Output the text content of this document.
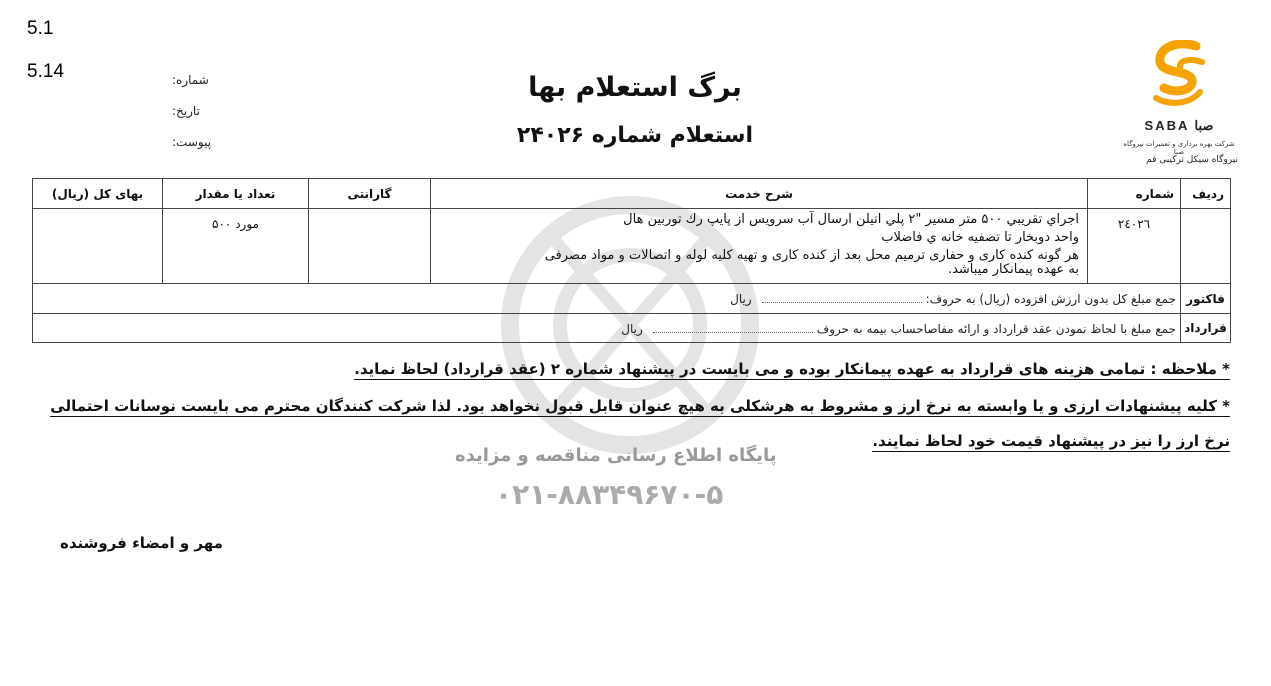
5.1
5.14	شماره:
تاریخ:
پیوست:
برگ استعلام بها
استعلام شماره ۲۴۰۲۶	SABA صبا
شرکت بهره برداری و تعمیرات نیروگاه صبا
نیروگاه سیکل ترکیبی قم
پایگاه اطلاع رسانی مناقصه و مزایده
۰۲۱-۸۸۳۴۹۶۷۰-۵
ردیف	شماره	شرح خدمت	گارانتی	تعداد یا مقدار	بهای کل (ریال)
	۲٤۰۲٦	اجراي تقريبي ۵۰۰ متر مسير "۲ پلي اتيلن ارسال آب سرويس از پايپ رك توربين هال
واحد دوبخار تا تصفيه خانه ي فاضلاب
هر گونه کنده کاری و حفاری ترمیم محل بعد از کنده کاری و تهیه کلیه لوله و اتصالات و مواد مصرفی
به عهده پیمانکار میباشد.		مورد ۵۰۰	
فاکتور	جمع مبلغ کل بدون ارزش افزوده (ریال) به حروف:ریال				
قرارداد	جمع مبلغ با لحاظ نمودن عقد قرارداد و ارائه مفاصاحساب بیمه به حروفریال				
* ملاحظه : تمامی هزینه های قرارداد به عهده پیمانکار بوده و می بایست در پیشنهاد شماره ۲ (عقد قرارداد) لحاظ نماید.
* کلیه پیشنهادات ارزی و یا وابسته به نرخ ارز و مشروط به هرشکلی به هیچ عنوان قابل قبول نخواهد بود. لذا شرکت کنندگان محترم می بایست نوسانات احتمالی
نرخ ارز را نیز در پیشنهاد قیمت خود لحاظ نمایند.
مهر و امضاء فروشنده
